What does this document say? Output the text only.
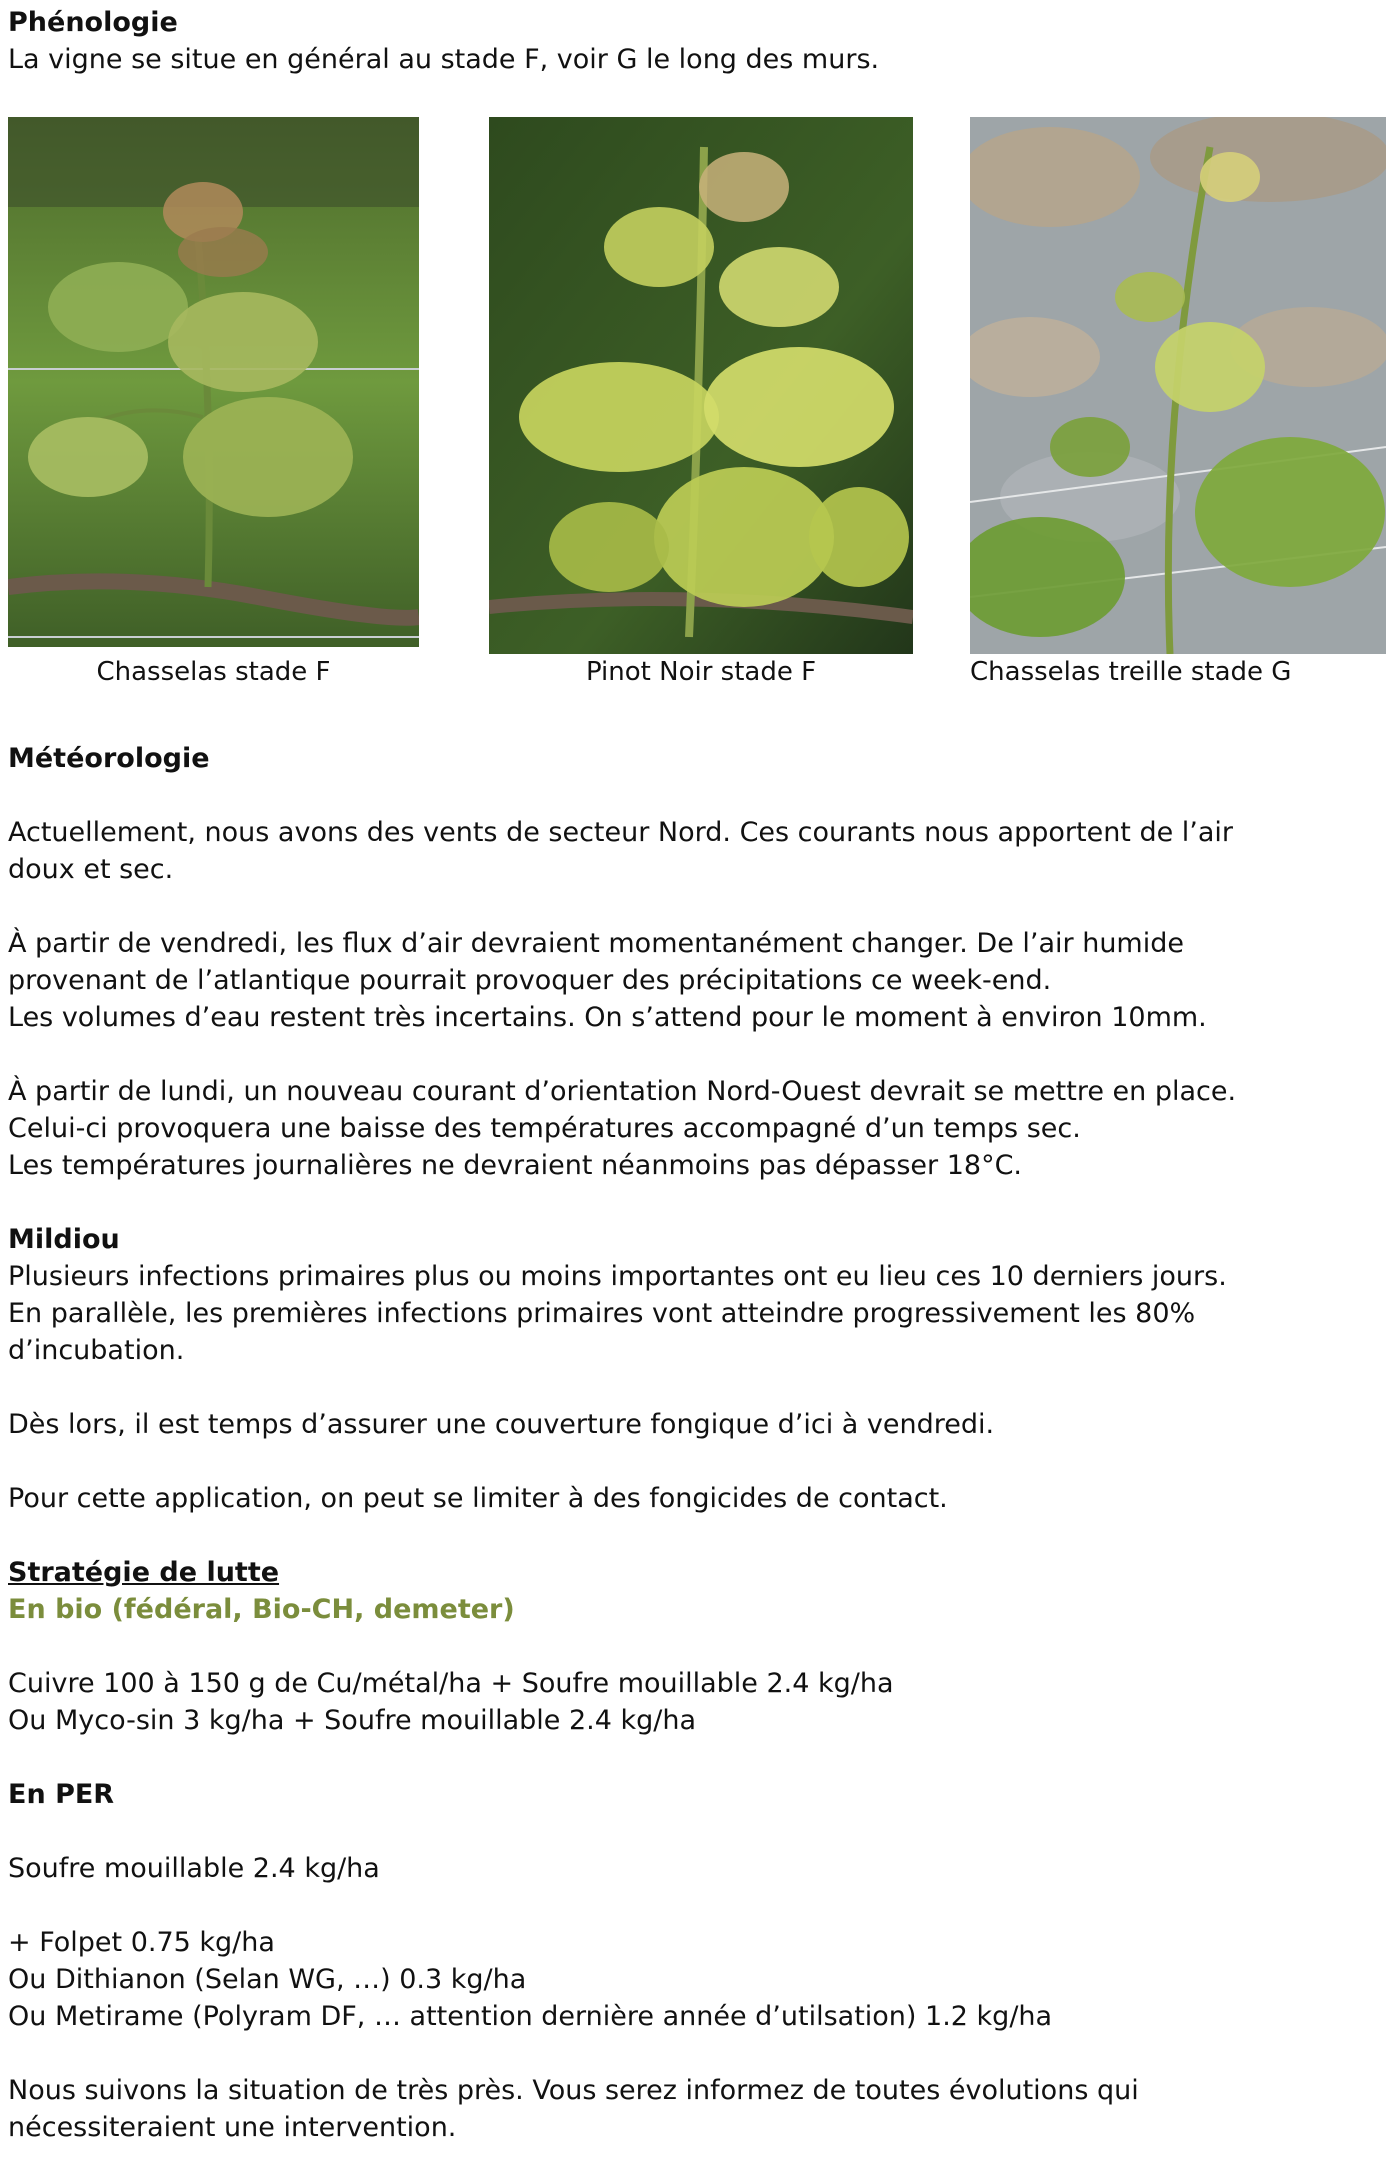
Phénologie
La vigne se situe en général au stade F, voir G le long des murs.
Chasselas stade F	Pinot Noir stade F	Chasselas treille stade G
Météorologie

Actuellement, nous avons des vents de secteur Nord. Ces courants nous apportent de l’air
doux et sec.

À partir de vendredi, les flux d’air devraient momentanément changer. De l’air humide
provenant de l’atlantique pourrait provoquer des précipitations ce week-end.
Les volumes d’eau restent très incertains. On s’attend pour le moment à environ 10mm.

À partir de lundi, un nouveau courant d’orientation Nord-Ouest devrait se mettre en place.
Celui-ci provoquera une baisse des températures accompagné d’un temps sec.
Les températures journalières ne devraient néanmoins pas dépasser 18°C.

Mildiou
Plusieurs infections primaires plus ou moins importantes ont eu lieu ces 10 derniers jours.
En parallèle, les premières infections primaires vont atteindre progressivement les 80%
d’incubation.

Dès lors, il est temps d’assurer une couverture fongique d’ici à vendredi.

Pour cette application, on peut se limiter à des fongicides de contact.

Stratégie de lutte
En bio (fédéral, Bio-CH, demeter)

Cuivre 100 à 150 g de Cu/métal/ha + Soufre mouillable 2.4 kg/ha
Ou Myco-sin 3 kg/ha + Soufre mouillable 2.4 kg/ha

En PER

Soufre mouillable 2.4 kg/ha

+ Folpet 0.75 kg/ha
Ou Dithianon (Selan WG, …) 0.3 kg/ha
Ou Metirame (Polyram DF, … attention dernière année d’utilsation) 1.2 kg/ha

Nous suivons la situation de très près. Vous serez informez de toutes évolutions qui
nécessiteraient une intervention.
